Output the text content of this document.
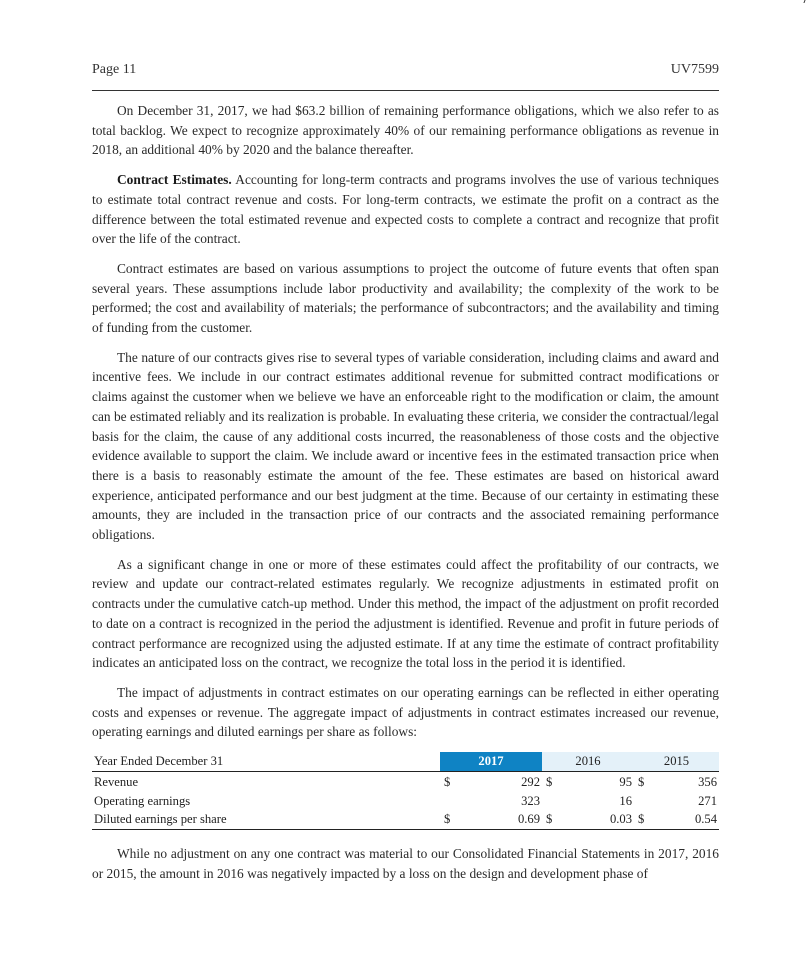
Page 11	UV7599

On December 31, 2017, we had $63.2 billion of remaining performance obligations, which we also refer to as total backlog. We expect to recognize approximately 40% of our remaining performance obligations as revenue in 2018, an additional 40% by 2020 and the balance thereafter.

Contract Estimates. Accounting for long-term contracts and programs involves the use of various techniques to estimate total contract revenue and costs. For long-term contracts, we estimate the profit on a contract as the difference between the total estimated revenue and expected costs to complete a contract and recognize that profit over the life of the contract.

Contract estimates are based on various assumptions to project the outcome of future events that often span several years. These assumptions include labor productivity and availability; the complexity of the work to be performed; the cost and availability of materials; the performance of subcontractors; and the availability and timing of funding from the customer.

The nature of our contracts gives rise to several types of variable consideration, including claims and award and incentive fees. We include in our contract estimates additional revenue for submitted contract modifications or claims against the customer when we believe we have an enforceable right to the modification or claim, the amount can be estimated reliably and its realization is probable. In evaluating these criteria, we consider the contractual/legal basis for the claim, the cause of any additional costs incurred, the reasonableness of those costs and the objective evidence available to support the claim. We include award or incentive fees in the estimated transaction price when there is a basis to reasonably estimate the amount of the fee. These estimates are based on historical award experience, anticipated performance and our best judgment at the time. Because of our certainty in estimating these amounts, they are included in the transaction price of our contracts and the associated remaining performance obligations.

As a significant change in one or more of these estimates could affect the profitability of our contracts, we review and update our contract-related estimates regularly. We recognize adjustments in estimated profit on contracts under the cumulative catch-up method. Under this method, the impact of the adjustment on profit recorded to date on a contract is recognized in the period the adjustment is identified. Revenue and profit in future periods of contract performance are recognized using the adjusted estimate. If at any time the estimate of contract profitability indicates an anticipated loss on the contract, we recognize the total loss in the period it is identified.

The impact of adjustments in contract estimates on our operating earnings can be reflected in either operating costs and expenses or revenue. The aggregate impact of adjustments in contract estimates increased our revenue, operating earnings and diluted earnings per share as follows:

Year Ended December 31	2017		2016		2015	
Revenue	$	292	$	95	$	356
Operating earnings		323		16		271
Diluted earnings per share	$	0.69	$	0.03	$	0.54

While no adjustment on any one contract was material to our Consolidated Financial Statements in 2017, 2016 or 2015, the amount in 2016 was negatively impacted by a loss on the design and development phase of
